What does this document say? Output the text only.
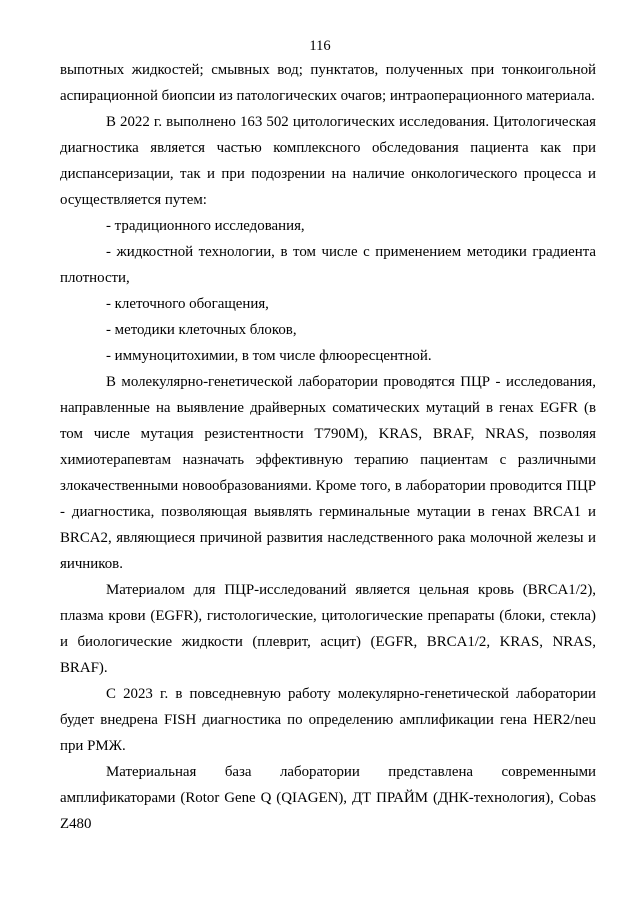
116

выпотных жидкостей; смывных вод; пунктатов, полученных при тонкоигольной аспирационной биопсии из патологических очагов; интраоперационного материала.

В 2022 г. выполнено 163 502 цитологических исследования. Цитологическая диагностика является частью комплексного обследования пациента как при диспансеризации, так и при подозрении на наличие онкологического процесса и осуществляется путем:

- традиционного исследования,

- жидкостной технологии, в том числе с применением методики градиента плотности,

- клеточного обогащения,

- методики клеточных блоков,

- иммуноцитохимии, в том числе флюоресцентной.

В молекулярно-генетической лаборатории проводятся ПЦР - исследования, направленные на выявление драйверных соматических мутаций в генах EGFR (в том числе мутация резистентности T790M), KRAS, BRAF, NRAS, позволяя химиотерапевтам назначать эффективную терапию пациентам с различными злокачественными новообразованиями. Кроме того, в лаборатории проводится ПЦР - диагностика, позволяющая выявлять герминальные мутации в генах BRCA1 и BRCA2, являющиеся причиной развития наследственного рака молочной железы и яичников.

Материалом для ПЦР-исследований является цельная кровь (BRCA1/2), плазма крови (EGFR), гистологические, цитологические препараты (блоки, стекла) и биологические жидкости (плеврит, асцит) (EGFR, BRCA1/2, KRAS, NRAS, BRAF).

С 2023 г. в повседневную работу молекулярно-генетической лаборатории будет внедрена FISH диагностика по определению амплификации гена HER2/neu при РМЖ.

Материальная база лаборатории представлена современными амплификаторами (Rotor Gene Q (QIAGEN), ДТ ПРАЙМ (ДНК-технология), Cobas Z480
